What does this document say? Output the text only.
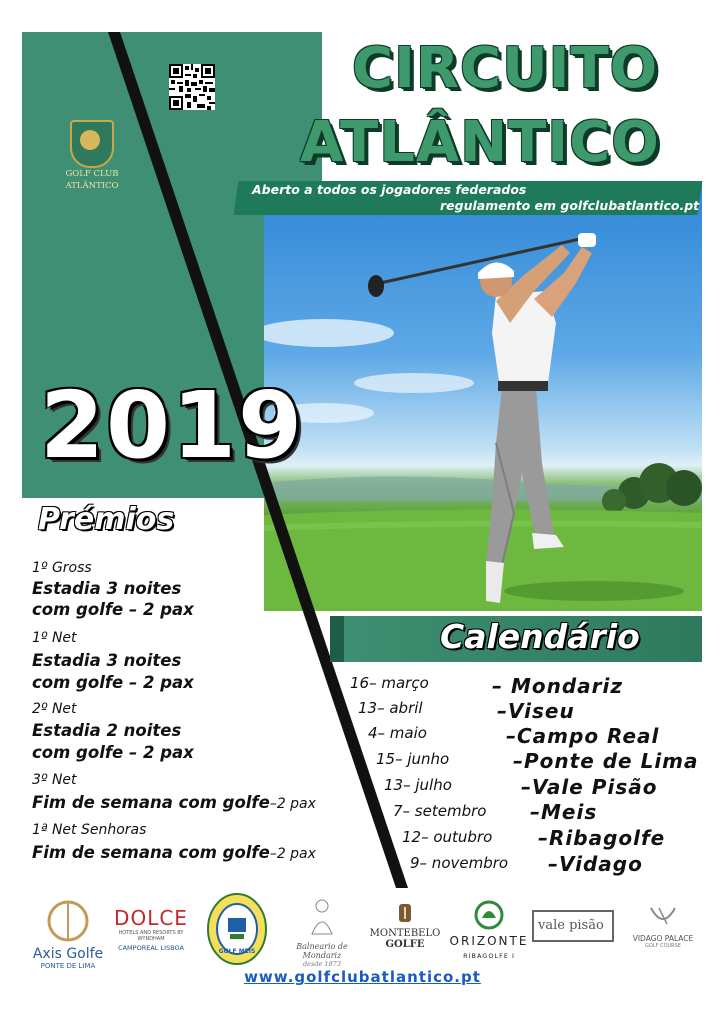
GOLF CLUB
ATLÂNTICO
CIRCUITO
ATLÂNTICO
Aberto a todos os jogadores federados
regulamento em golfclubatlantico.pt
2019
Prémios
1º Gross
Estadia 3 noites
com golfe – 2 pax
1º Net
Estadia 3 noites
com golfe – 2 pax
2º Net
Estadia 2 noites
com golfe – 2 pax
3º Net
Fim de semana com golfe–2 pax
1ª Net Senhoras
Fim de semana com golfe–2 pax
Calendário
16– março	– Mondariz
13– abril	–Viseu
4– maio	–Campo Real
15– junho	–Ponte de Lima
13– julho	–Vale Pisão
7– setembro –Meis
12– outubro –Ribagolfe
9– novembro –Vidago
Axis Golfe
PONTE DE LIMA
DOLCE
HOTELS AND RESORTS BY WYNDHAM
CAMPOREAL LISBOA	GOLF MEIS
Balneario de Mondariz
desde 1873
MONTEBELO
GOLFE	ORIZONTE
RIBAGOLFE I
vale pisão
VIDAGO PALACE
GOLF COURSE
www.golfclubatlantico.pt
